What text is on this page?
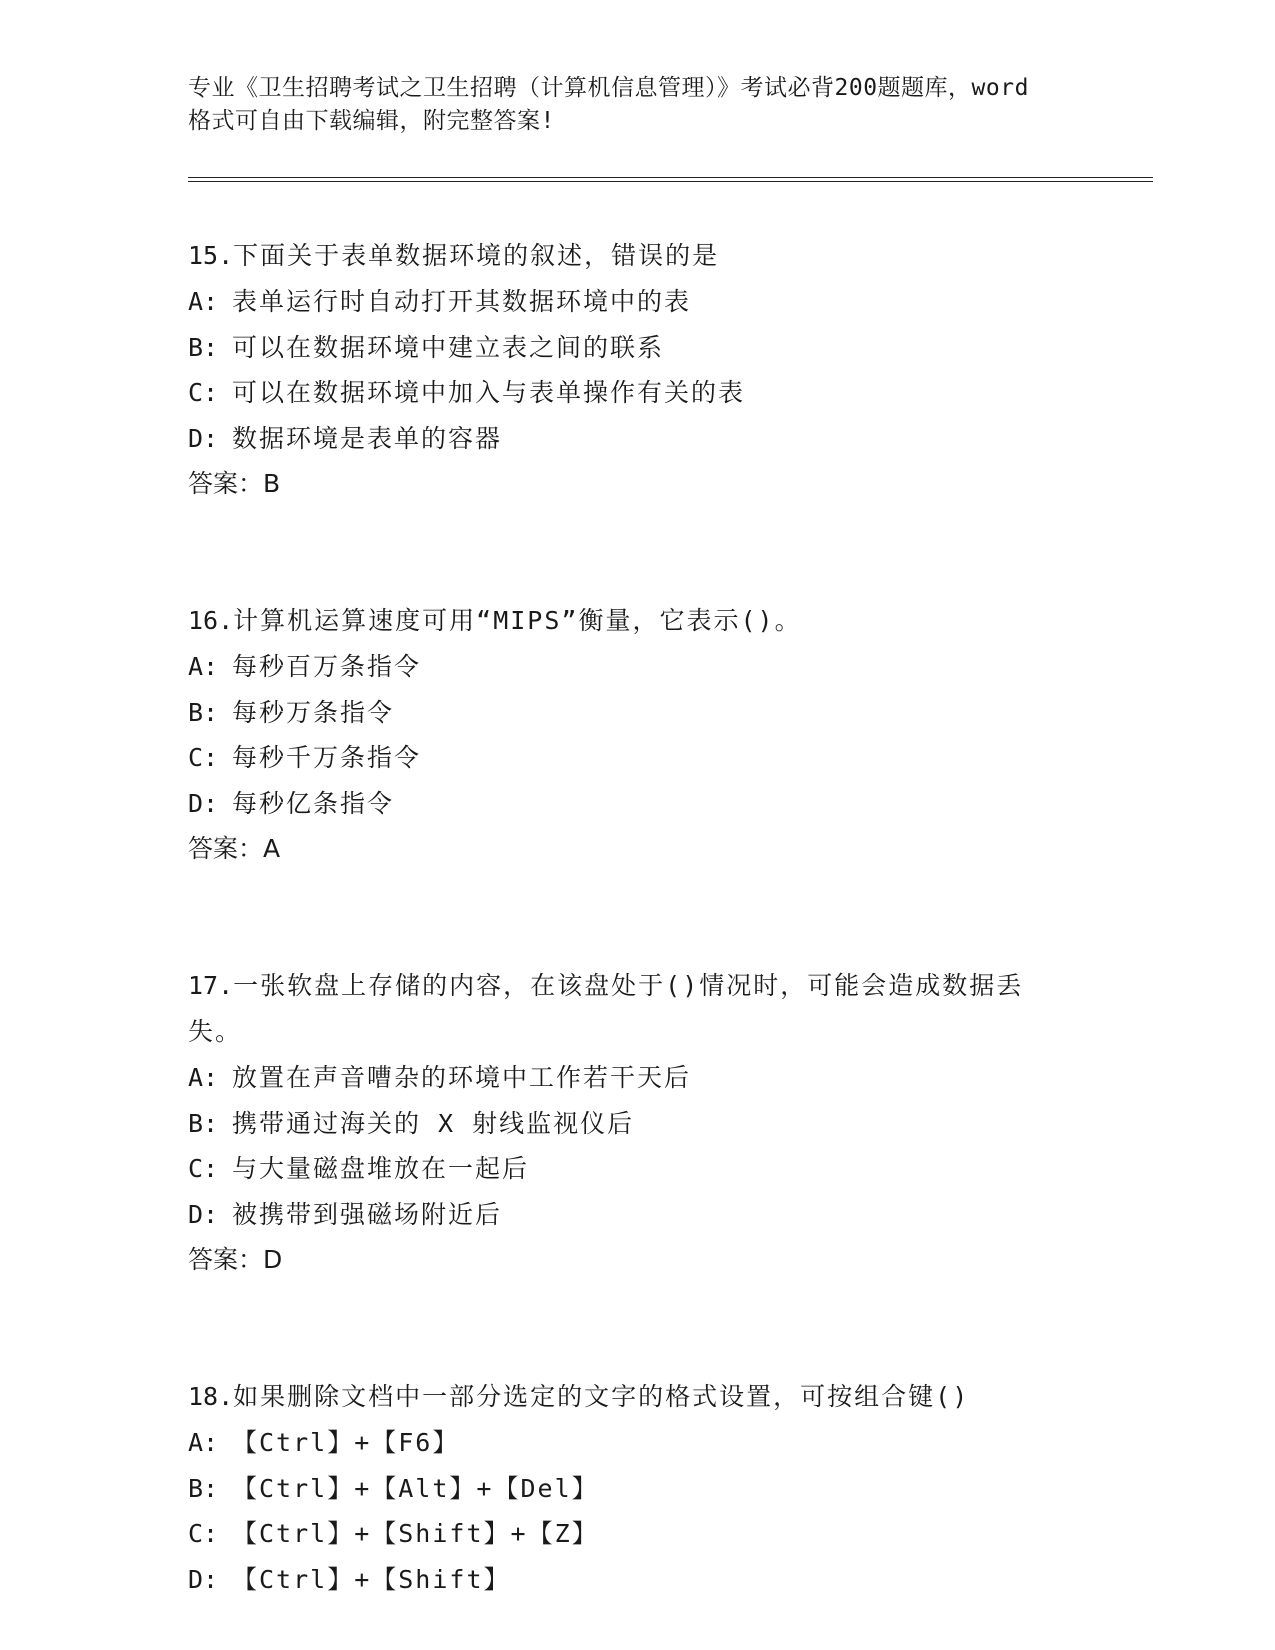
专业《卫生招聘考试之卫生招聘（计算机信息管理）》考试必背200题题库，word
格式可自由下载编辑，附完整答案!
15.下面关于表单数据环境的叙述，错误的是
A: 表单运行时自动打开其数据环境中的表
B: 可以在数据环境中建立表之间的联系
C: 可以在数据环境中加入与表单操作有关的表
D: 数据环境是表单的容器
答案：B
16.计算机运算速度可用“MIPS”衡量，它表示()。
A: 每秒百万条指令
B: 每秒万条指令
C: 每秒千万条指令
D: 每秒亿条指令
答案：A
17.一张软盘上存储的内容，在该盘处于()情况时，可能会造成数据丢失。
A: 放置在声音嘈杂的环境中工作若干天后
B: 携带通过海关的 X 射线监视仪后
C: 与大量磁盘堆放在一起后
D: 被携带到强磁场附近后
答案：D
18.如果删除文档中一部分选定的文字的格式设置，可按组合键()
A: 【Ctrl】+【F6】
B: 【Ctrl】+【Alt】+【Del】
C: 【Ctrl】+【Shift】+【Z】
D: 【Ctrl】+【Shift】
